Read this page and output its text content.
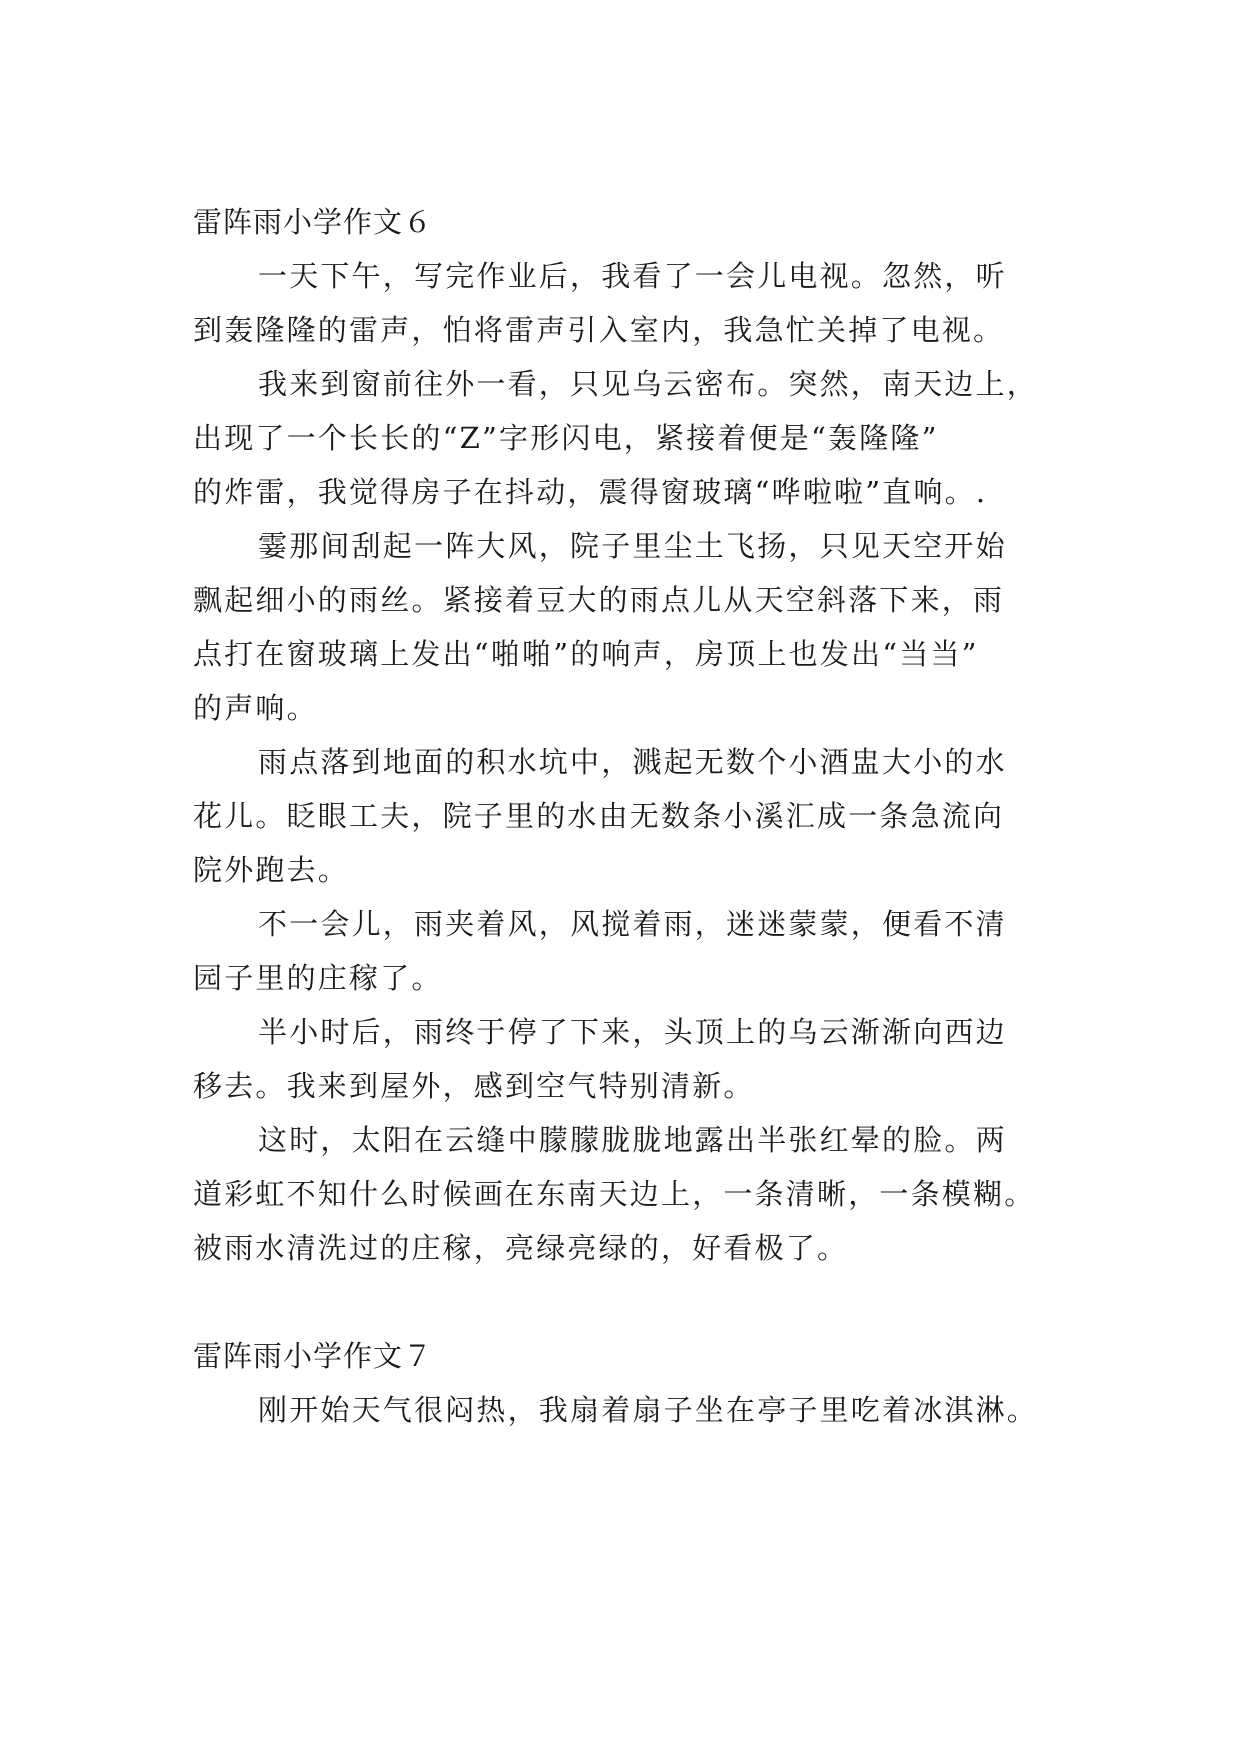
雷阵雨小学作文６
一天下午，写完作业后，我看了一会儿电视。忽然，听
到轰隆隆的雷声，怕将雷声引入室内，我急忙关掉了电视。
我来到窗前往外一看，只见乌云密布。突然，南天边上，
出现了一个长长的“Z”字形闪电，紧接着便是“轰隆隆”
的炸雷，我觉得房子在抖动，震得窗玻璃“哗啦啦”直响。.
霎那间刮起一阵大风，院子里尘土飞扬，只见天空开始
飘起细小的雨丝。紧接着豆大的雨点儿从天空斜落下来，雨
点打在窗玻璃上发出“啪啪”的响声，房顶上也发出“当当”
的声响。
雨点落到地面的积水坑中，溅起无数个小酒盅大小的水
花儿。眨眼工夫，院子里的水由无数条小溪汇成一条急流向
院外跑去。
不一会儿，雨夹着风，风搅着雨，迷迷蒙蒙，便看不清
园子里的庄稼了。
半小时后，雨终于停了下来，头顶上的乌云渐渐向西边
移去。我来到屋外，感到空气特别清新。
这时，太阳在云缝中朦朦胧胧地露出半张红晕的脸。两
道彩虹不知什么时候画在东南天边上，一条清晰，一条模糊。
被雨水清洗过的庄稼，亮绿亮绿的，好看极了。
雷阵雨小学作文７
刚开始天气很闷热，我扇着扇子坐在亭子里吃着冰淇淋。
